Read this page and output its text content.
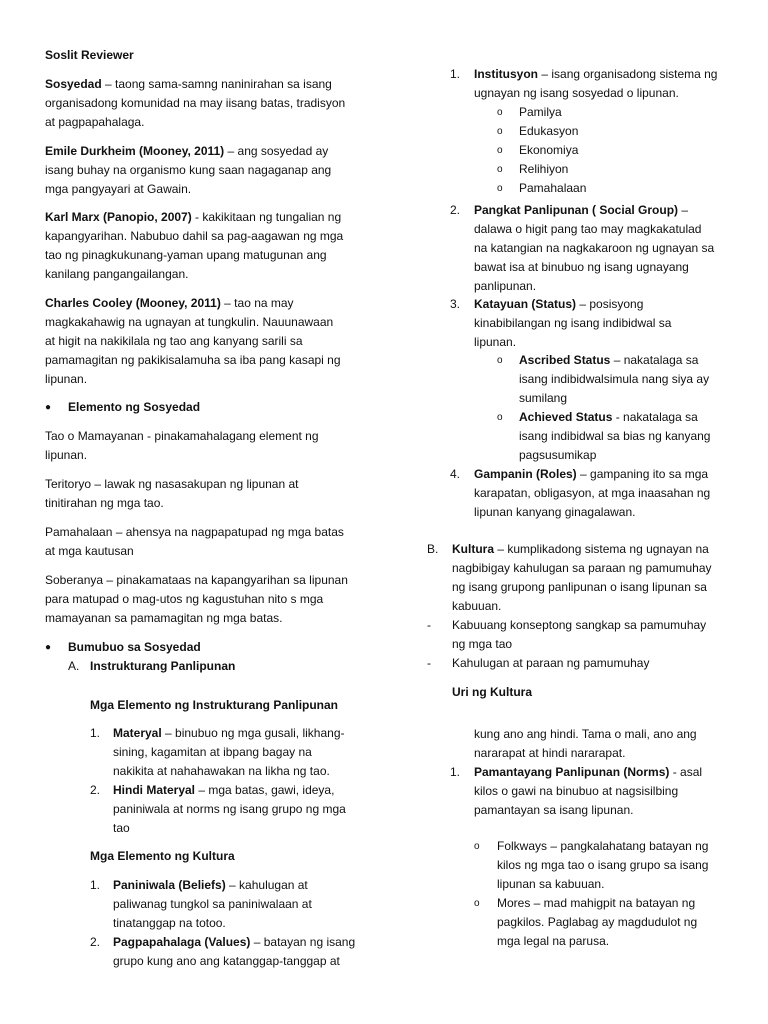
Soslit Reviewer
Sosyedad – taong sama-samng naninirahan sa isang
organisadong komunidad na may iisang batas, tradisyon
at pagpapahalaga.
Emile Durkheim (Mooney, 2011) – ang sosyedad ay
isang buhay na organismo kung saan nagaganap ang
mga pangyayari at Gawain.
Karl Marx (Panopio, 2007) - kakikitaan ng tungalian ng
kapangyarihan. Nabubuo dahil sa pag-aagawan ng mga
tao ng pinagkukunang-yaman upang matugunan ang
kanilang pangangailangan.
Charles Cooley (Mooney, 2011) – tao na may
magkakahawig na ugnayan at tungkulin. Nauunawaan
at higit na nakikilala ng tao ang kanyang sarili sa
pamamagitan ng pakikisalamuha sa iba pang kasapi ng
lipunan.
● Elemento ng Sosyedad
Tao o Mamayanan - pinakamahalagang element ng
lipunan.
Teritoryo – lawak ng nasasakupan ng lipunan at
tinitirahan ng mga tao.
Pamahalaan – ahensya na nagpapatupad ng mga batas
at mga kautusan
Soberanya – pinakamataas na kapangyarihan sa lipunan
para matupad o mag-utos ng kagustuhan nito s mga
mamayanan sa pamamagitan ng mga batas.
● Bumubuo sa Sosyedad
A. Instrukturang Panlipunan
Mga Elemento ng Instrukturang Panlipunan
1. Materyal – binubuo ng mga gusali, likhang-
sining, kagamitan at ibpang bagay na
nakikita at nahahawakan na likha ng tao.
2. Hindi Materyal – mga batas, gawi, ideya,
paniniwala at norms ng isang grupo ng mga
tao
Mga Elemento ng Kultura
1. Paniniwala (Beliefs) – kahulugan at
paliwanag tungkol sa paniniwalaan at
tinatanggap na totoo.
2. Pagpapahalaga (Values) – batayan ng isang
grupo kung ano ang katanggap-tanggap at
1. Institusyon – isang organisadong sistema ng
ugnayan ng isang sosyedad o lipunan.
o Pamilya
o Edukasyon
o Ekonomiya
o Relihiyon
o Pamahalaan
2. Pangkat Panlipunan ( Social Group) –
dalawa o higit pang tao may magkakatulad
na katangian na nagkakaroon ng ugnayan sa
bawat isa at binubuo ng isang ugnayang
panlipunan.
3. Katayuan (Status) – posisyong
kinabibilangan ng isang indibidwal sa
lipunan.
o Ascribed Status – nakatalaga sa
isang indibidwalsimula nang siya ay
sumilang
o Achieved Status - nakatalaga sa
isang indibidwal sa bias ng kanyang
pagsusumikap
4. Gampanin (Roles) – gampaning ito sa mga
karapatan, obligasyon, at mga inaasahan ng
lipunan kanyang ginagalawan.
B. Kultura – kumplikadong sistema ng ugnayan na
nagbibigay kahulugan sa paraan ng pamumuhay
ng isang grupong panlipunan o isang lipunan sa
kabuuan.
- Kabuuang konseptong sangkap sa pamumuhay
ng mga tao
- Kahulugan at paraan ng pamumuhay
Uri ng Kultura
kung ano ang hindi. Tama o mali, ano ang
nararapat at hindi nararapat.
1. Pamantayang Panlipunan (Norms) - asal
kilos o gawi na binubuo at nagsisilbing
pamantayan sa isang lipunan.
o Folkways – pangkalahatang batayan ng
kilos ng mga tao o isang grupo sa isang
lipunan sa kabuuan.
o Mores – mad mahigpit na batayan ng
pagkilos. Paglabag ay magdudulot ng
mga legal na parusa.
